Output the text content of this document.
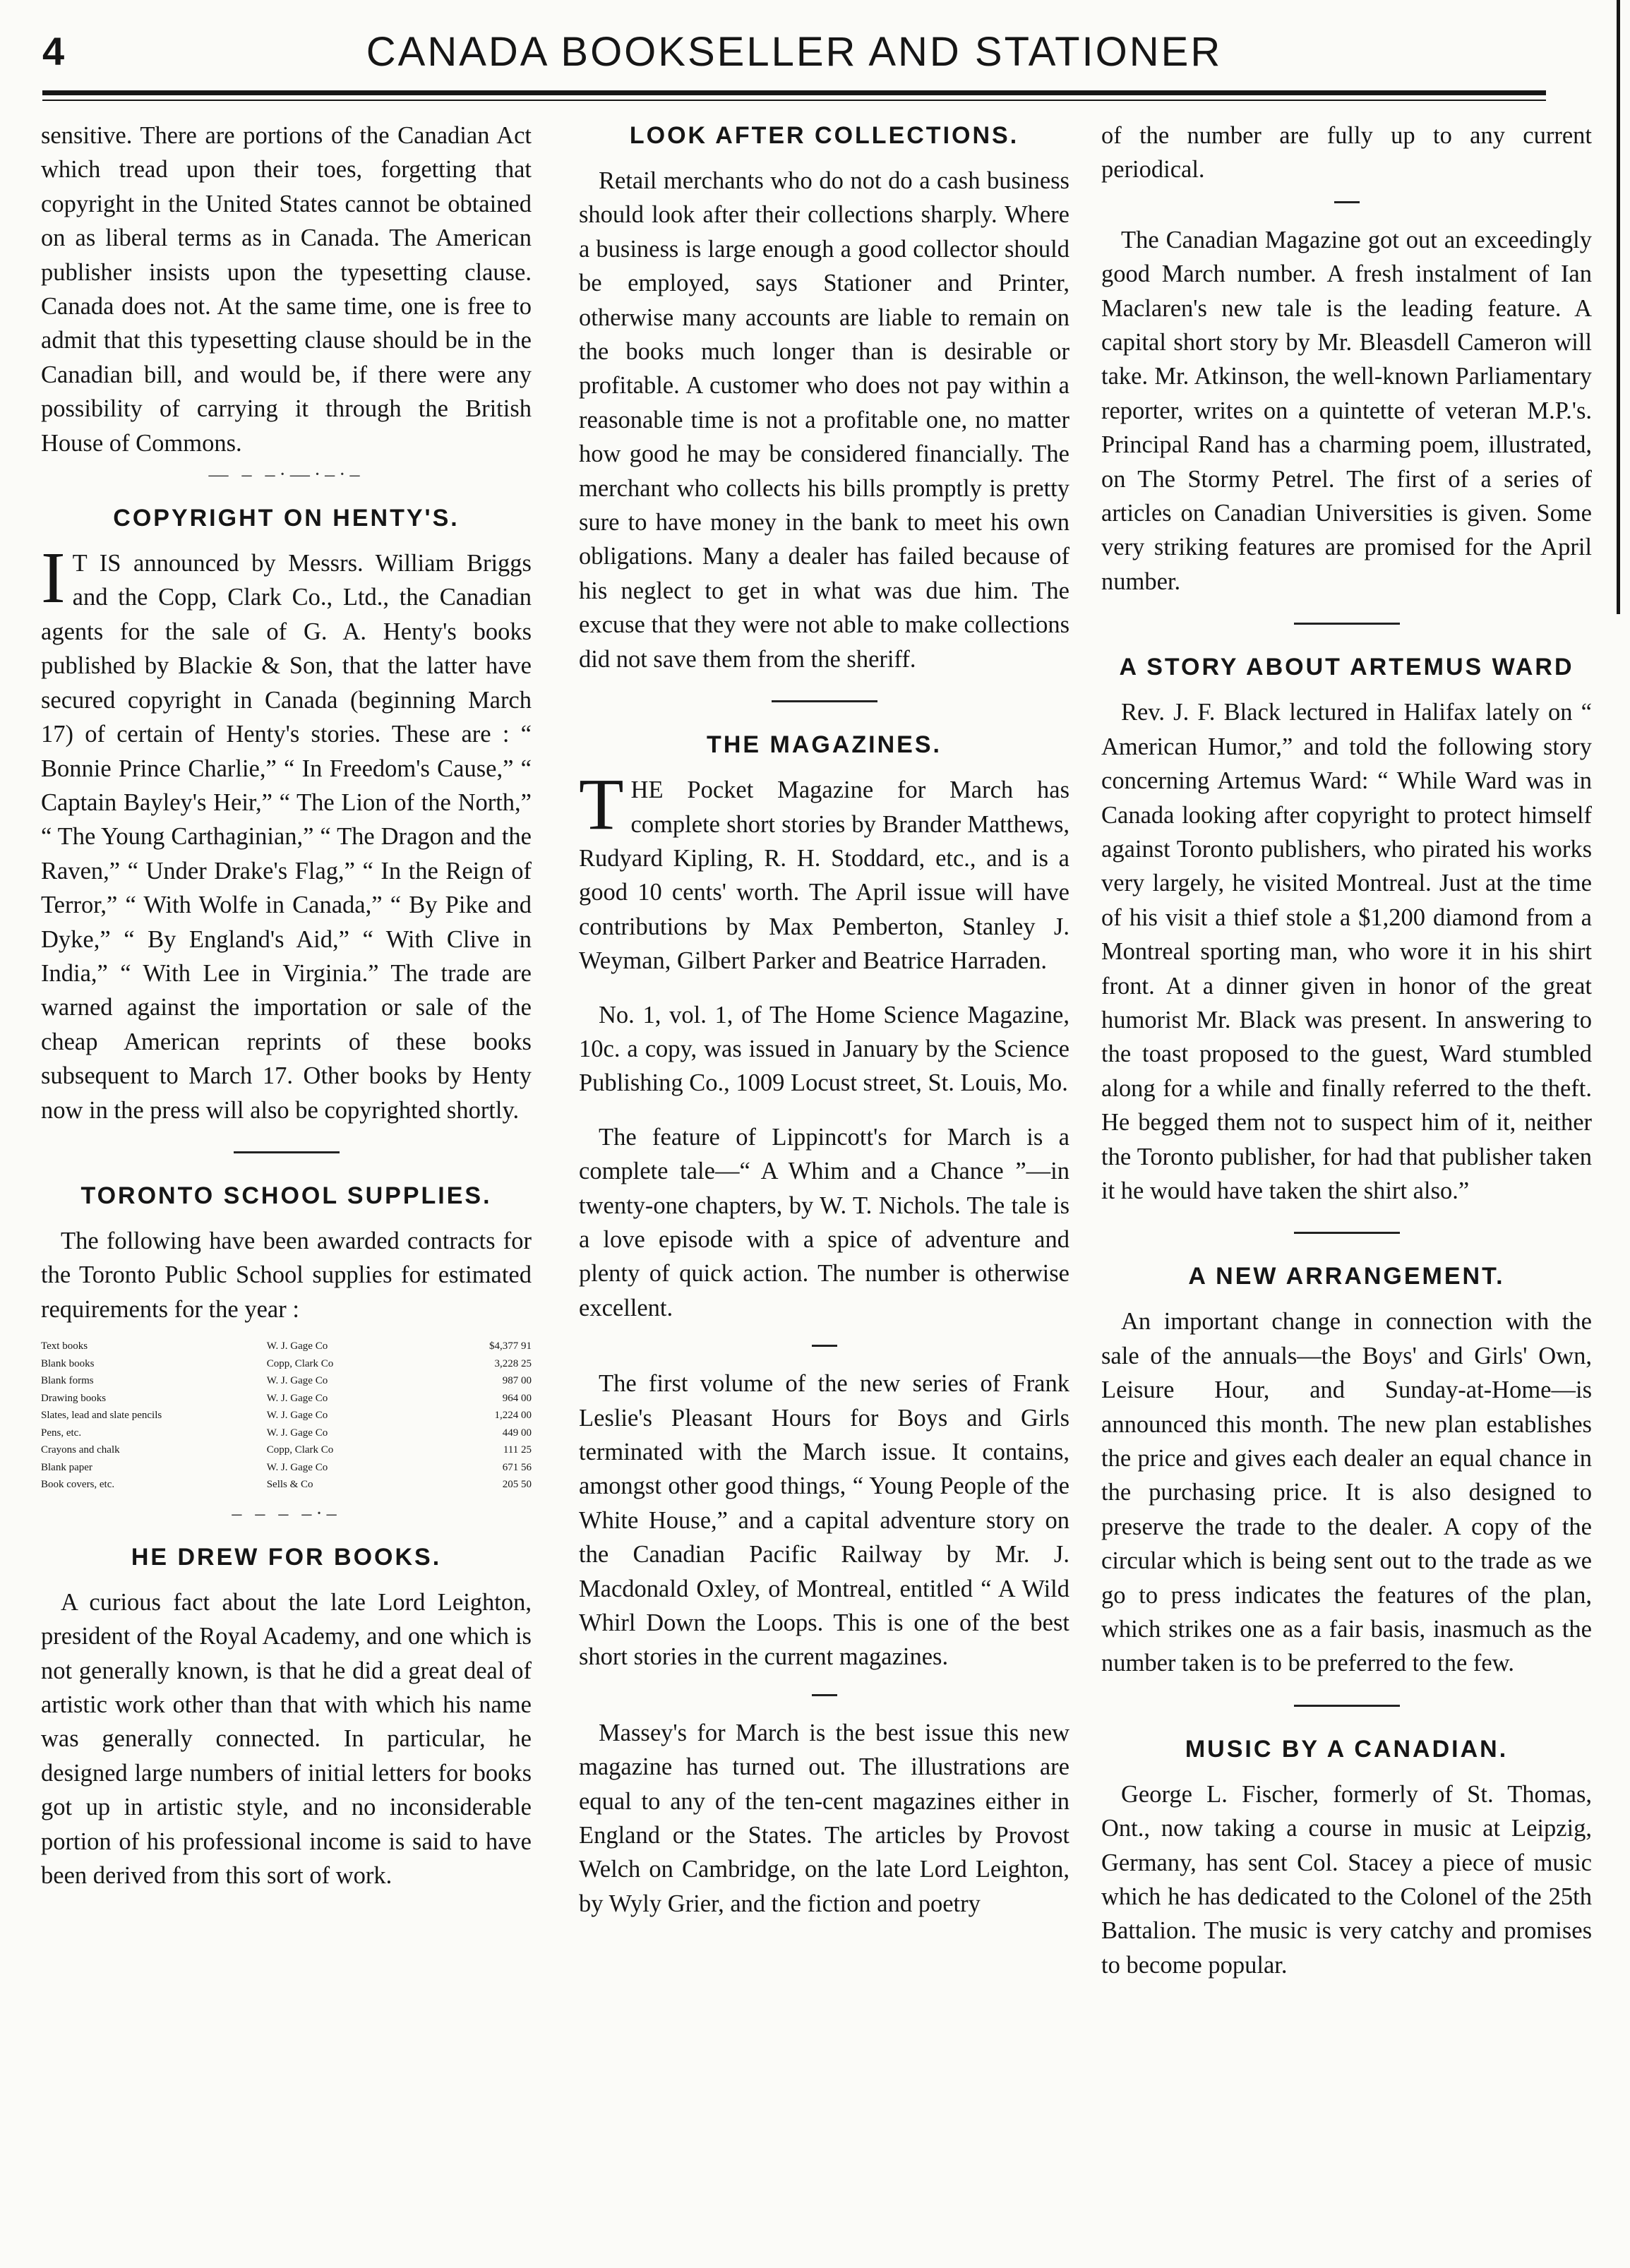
4	CANADA BOOKSELLER AND STATIONER

sensitive. There are portions of the Canadian Act which tread upon their toes, forgetting that copyright in the United States cannot be obtained on as liberal terms as in Canada. The American publisher insists upon the typesetting clause. Canada does not. At the same time, one is free to admit that this typesetting clause should be in the Canadian bill, and would be, if there were any possibility of carrying it through the British House of Commons.

— – –·—·–·–
COPYRIGHT ON HENTY'S.

I T IS announced by Messrs. William Briggs and the Copp, Clark Co., Ltd., the Canadian agents for the sale of G. A. Henty's books published by Blackie & Son, that the latter have secured copyright in Canada (beginning March 17) of certain of Henty's stories. These are : “ Bonnie Prince Charlie,” “ In Freedom's Cause,” “ Captain Bayley's Heir,” “ The Lion of the North,” “ The Young Carthaginian,” “ The Dragon and the Raven,” “ Under Drake's Flag,” “ In the Reign of Terror,” “ With Wolfe in Canada,” “ By Pike and Dyke,” “ By England's Aid,” “ With Clive in India,” “ With Lee in Virginia.” The trade are warned against the importation or sale of the cheap American reprints of these books subsequent to March 17. Other books by Henty now in the press will also be copyrighted shortly.

TORONTO SCHOOL SUPPLIES.

The following have been awarded contracts for the Toronto Public School supplies for estimated requirements for the year :

Text books	W. J. Gage Co	$4,377 91
Blank books	Copp, Clark Co	3,228 25
Blank forms	W. J. Gage Co	987 00
Drawing books	W. J. Gage Co	964 00
Slates, lead and slate pencils	W. J. Gage Co	1,224 00
Pens, etc.	W. J. Gage Co	449 00
Crayons and chalk	Copp, Clark Co	111 25
Blank paper	W. J. Gage Co	671 56
Book covers, etc.	Sells & Co	205 50
– – – –·–
HE DREW FOR BOOKS.

A curious fact about the late Lord Leighton, president of the Royal Academy, and one which is not generally known, is that he did a great deal of artistic work other than that with which his name was generally connected. In particular, he designed large numbers of initial letters for books got up in artistic style, and no inconsiderable portion of his professional income is said to have been derived from this sort of work.

LOOK AFTER COLLECTIONS.

Retail merchants who do not do a cash business should look after their collections sharply. Where a business is large enough a good collector should be employed, says Stationer and Printer, otherwise many accounts are liable to remain on the books much longer than is desirable or profitable. A customer who does not pay within a reasonable time is not a profitable one, no matter how good he may be considered financially. The merchant who collects his bills promptly is pretty sure to have money in the bank to meet his own obligations. Many a dealer has failed because of his neglect to get in what was due him. The excuse that they were not able to make collections did not save them from the sheriff.

THE MAGAZINES.

THE Pocket Magazine for March has complete short stories by Brander Matthews, Rudyard Kipling, R. H. Stoddard, etc., and is a good 10 cents' worth. The April issue will have contributions by Max Pemberton, Stanley J. Weyman, Gilbert Parker and Beatrice Harraden.

No. 1, vol. 1, of The Home Science Magazine, 10c. a copy, was issued in January by the Science Publishing Co., 1009 Locust street, St. Louis, Mo.

The feature of Lippincott's for March is a complete tale—“ A Whim and a Chance ”—in twenty-one chapters, by W. T. Nichols. The tale is a love episode with a spice of adventure and plenty of quick action. The number is otherwise excellent.

The first volume of the new series of Frank Leslie's Pleasant Hours for Boys and Girls terminated with the March issue. It contains, amongst other good things, “ Young People of the White House,” and a capital adventure story on the Canadian Pacific Railway by Mr. J. Macdonald Oxley, of Montreal, entitled “ A Wild Whirl Down the Loops. This is one of the best short stories in the current magazines.

Massey's for March is the best issue this new magazine has turned out. The illustrations are equal to any of the ten-cent magazines either in England or the States. The articles by Provost Welch on Cambridge, on the late Lord Leighton, by Wyly Grier, and the fiction and poetry

of the number are fully up to any current periodical.

The Canadian Magazine got out an exceedingly good March number. A fresh instalment of Ian Maclaren's new tale is the leading feature. A capital short story by Mr. Bleasdell Cameron will take. Mr. Atkinson, the well-known Parliamentary reporter, writes on a quintette of veteran M.P.'s. Principal Rand has a charming poem, illustrated, on The Stormy Petrel. The first of a series of articles on Canadian Universities is given. Some very striking features are promised for the April number.

A STORY ABOUT ARTEMUS WARD

Rev. J. F. Black lectured in Halifax lately on “ American Humor,” and told the following story concerning Artemus Ward: “ While Ward was in Canada looking after copyright to protect himself against Toronto publishers, who pirated his works very largely, he visited Montreal. Just at the time of his visit a thief stole a $1,200 diamond from a Montreal sporting man, who wore it in his shirt front. At a dinner given in honor of the great humorist Mr. Black was present. In answering to the toast proposed to the guest, Ward stumbled along for a while and finally referred to the theft. He begged them not to suspect him of it, neither the Toronto publisher, for had that publisher taken it he would have taken the shirt also.”

A NEW ARRANGEMENT.

An important change in connection with the sale of the annuals—the Boys' and Girls' Own, Leisure Hour, and Sunday-at-Home—is announced this month. The new plan establishes the price and gives each dealer an equal chance in the purchasing price. It is also designed to preserve the trade to the dealer. A copy of the circular which is being sent out to the trade as we go to press indicates the features of the plan, which strikes one as a fair basis, inasmuch as the number taken is to be preferred to the few.

MUSIC BY A CANADIAN.

George L. Fischer, formerly of St. Thomas, Ont., now taking a course in music at Leipzig, Germany, has sent Col. Stacey a piece of music which he has dedicated to the Colonel of the 25th Battalion. The music is very catchy and promises to become popular.
